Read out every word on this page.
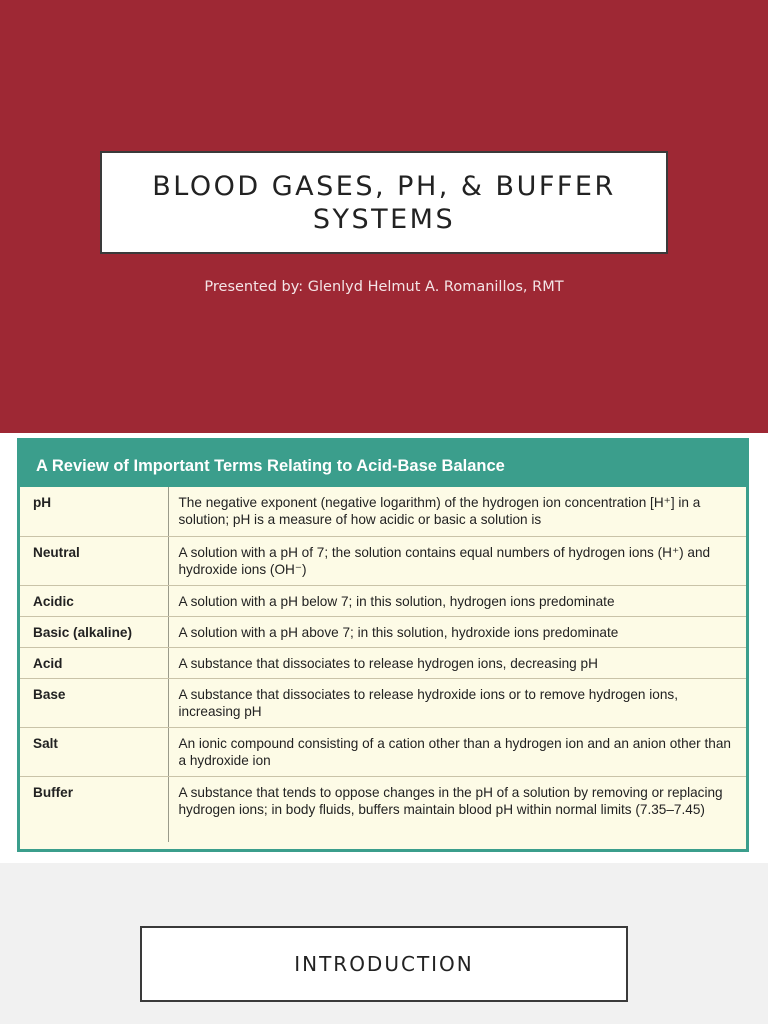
BLOOD GASES, PH, & BUFFER SYSTEMS
Presented by: Glenlyd Helmut A. Romanillos, RMT
A Review of Important Terms Relating to Acid-Base Balance
pH	The negative exponent (negative logarithm) of the hydrogen ion concentration [H⁺] in a solution; pH is a measure of how acidic or basic a solution is
Neutral	A solution with a pH of 7; the solution contains equal numbers of hydrogen ions (H⁺) and hydroxide ions (OH⁻)
Acidic	A solution with a pH below 7; in this solution, hydrogen ions predominate
Basic (alkaline)	A solution with a pH above 7; in this solution, hydroxide ions predominate
Acid	A substance that dissociates to release hydrogen ions, decreasing pH
Base	A substance that dissociates to release hydroxide ions or to remove hydrogen ions, increasing pH
Salt	An ionic compound consisting of a cation other than a hydrogen ion and an anion other than a hydroxide ion
Buffer	A substance that tends to oppose changes in the pH of a solution by removing or replacing hydrogen ions; in body fluids, buffers maintain blood pH within normal limits (7.35–7.45)
INTRODUCTION
